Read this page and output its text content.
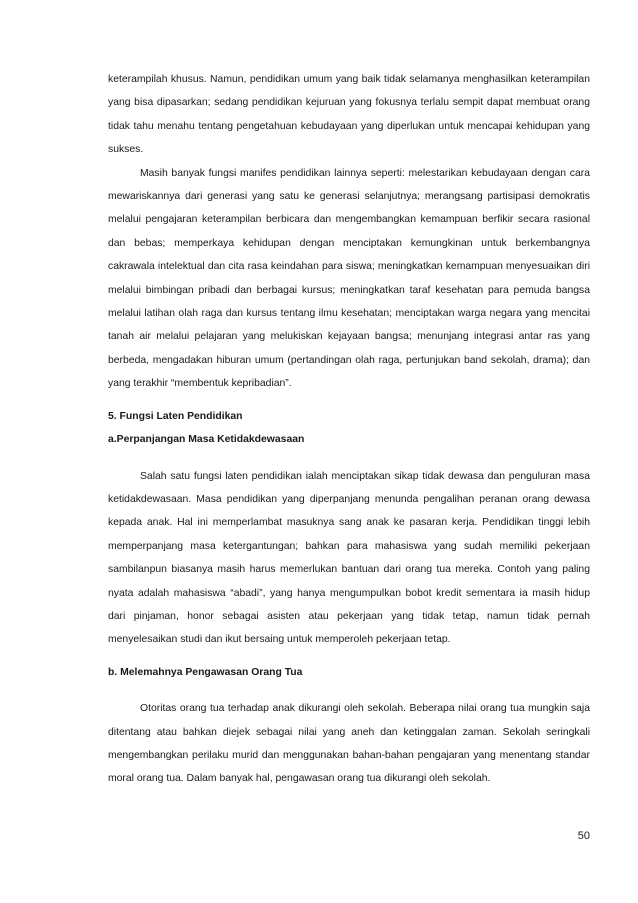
keterampilah khusus. Namun, pendidikan umum yang baik tidak selamanya menghasilkan keterampilan yang bisa dipasarkan; sedang pendidikan kejuruan yang fokusnya terlalu sempit dapat membuat orang tidak tahu menahu tentang pengetahuan kebudayaan yang diperlukan untuk mencapai kehidupan yang sukses.

Masih banyak fungsi manifes pendidikan lainnya seperti: melestarikan kebudayaan dengan cara mewariskannya dari generasi yang satu ke generasi selanjutnya; merangsang partisipasi demokratis melalui pengajaran keterampilan berbicara dan mengembangkan kemampuan berfikir secara rasional dan bebas; memperkaya kehidupan dengan menciptakan kemungkinan untuk berkembangnya cakrawala intelektual dan cita rasa keindahan para siswa; meningkatkan kemampuan menyesuaikan diri melalui bimbingan pribadi dan berbagai kursus; meningkatkan taraf kesehatan para pemuda bangsa melalui latihan olah raga dan kursus tentang ilmu kesehatan; menciptakan warga negara yang mencitai tanah air melalui pelajaran yang melukiskan kejayaan bangsa; menunjang integrasi antar ras yang berbeda, mengadakan hiburan umum (pertandingan olah raga, pertunjukan band sekolah, drama); dan yang terakhir “membentuk kepribadian”.

5. Fungsi Laten Pendidikan

a.Perpanjangan Masa Ketidakdewasaan

Salah satu fungsi laten pendidikan ialah menciptakan sikap tidak dewasa dan penguluran masa ketidakdewasaan. Masa pendidikan yang diperpanjang menunda pengalihan peranan orang dewasa kepada anak. Hal ini memperlambat masuknya sang anak ke pasaran kerja. Pendidikan tinggi lebih memperpanjang masa ketergantungan; bahkan para mahasiswa yang sudah memiliki pekerjaan sambilanpun biasanya masih harus memerlukan bantuan dari orang tua mereka. Contoh yang paling nyata adalah mahasiswa “abadi”, yang hanya mengumpulkan bobot kredit sementara ia masih hidup dari pinjaman, honor sebagai asisten atau pekerjaan yang tidak tetap, namun tidak pernah menyelesaikan studi dan ikut bersaing untuk memperoleh pekerjaan tetap.

b. Melemahnya Pengawasan Orang Tua

Otoritas orang tua terhadap anak dikurangi oleh sekolah. Beberapa nilai orang tua mungkin saja ditentang atau bahkan diejek sebagai nilai yang aneh dan ketinggalan zaman. Sekolah seringkali mengembangkan perilaku murid dan menggunakan bahan-bahan pengajaran yang menentang standar moral orang tua. Dalam banyak hal, pengawasan orang tua dikurangi oleh sekolah.

50
